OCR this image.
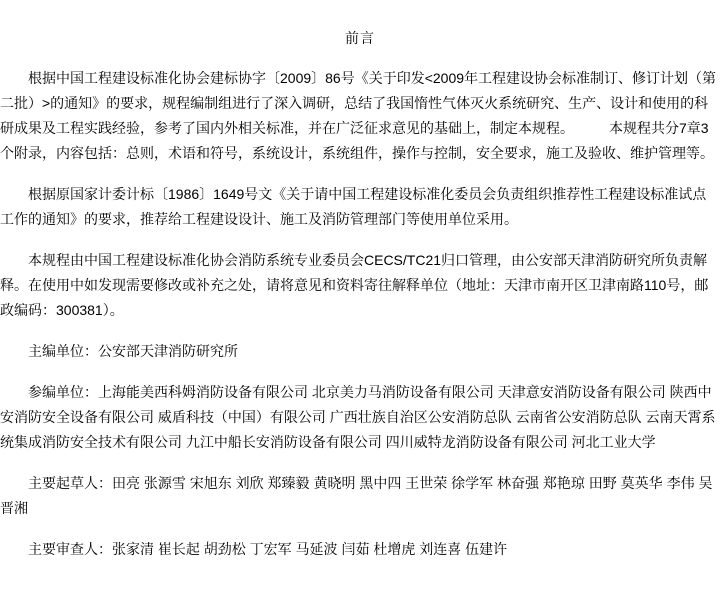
前言

根据中国工程建设标准化协会建标协字〔2009〕86号《关于印发<2009年工程建设协会标准制订、修订计划（第二批）>的通知》的要求，规程编制组进行了深入调研，总结了我国惰性气体灭火系统研究、生产、设计和使用的科研成果及工程实践经验，参考了国内外相关标准，并在广泛征求意见的基础上，制定本规程。　　　本规程共分7章3个附录，内容包括：总则，术语和符号，系统设计，系统组件，操作与控制，安全要求，施工及验收、维护管理等。

根据原国家计委计标〔1986〕1649号文《关于请中国工程建设标准化委员会负责组织推荐性工程建设标准试点工作的通知》的要求，推荐给工程建设设计、施工及消防管理部门等使用单位采用。

本规程由中国工程建设标准化协会消防系统专业委员会CECS/TC21归口管理，由公安部天津消防研究所负责解释。在使用中如发现需要修改或补充之处，请将意见和资料寄往解释单位（地址：天津市南开区卫津南路110号，邮政编码：300381）。

主编单位：公安部天津消防研究所

参编单位：上海能美西科姆消防设备有限公司 北京美力马消防设备有限公司 天津意安消防设备有限公司 陕西中安消防安全设备有限公司 威盾科技（中国）有限公司 广西壮族自治区公安消防总队 云南省公安消防总队 云南天霄系统集成消防安全技术有限公司 九江中船长安消防设备有限公司 四川威特龙消防设备有限公司 河北工业大学

主要起草人：田亮 张源雪 宋旭东 刘欣 郑臻毅 黄晓明 黑中四 王世荣 徐学军 林奋强 郑艳琼 田野 莫英华 李伟 吴晋湘

主要审查人：张家清 崔长起 胡劲松 丁宏军 马延波 闫茹 杜增虎 刘连喜 伍建许
